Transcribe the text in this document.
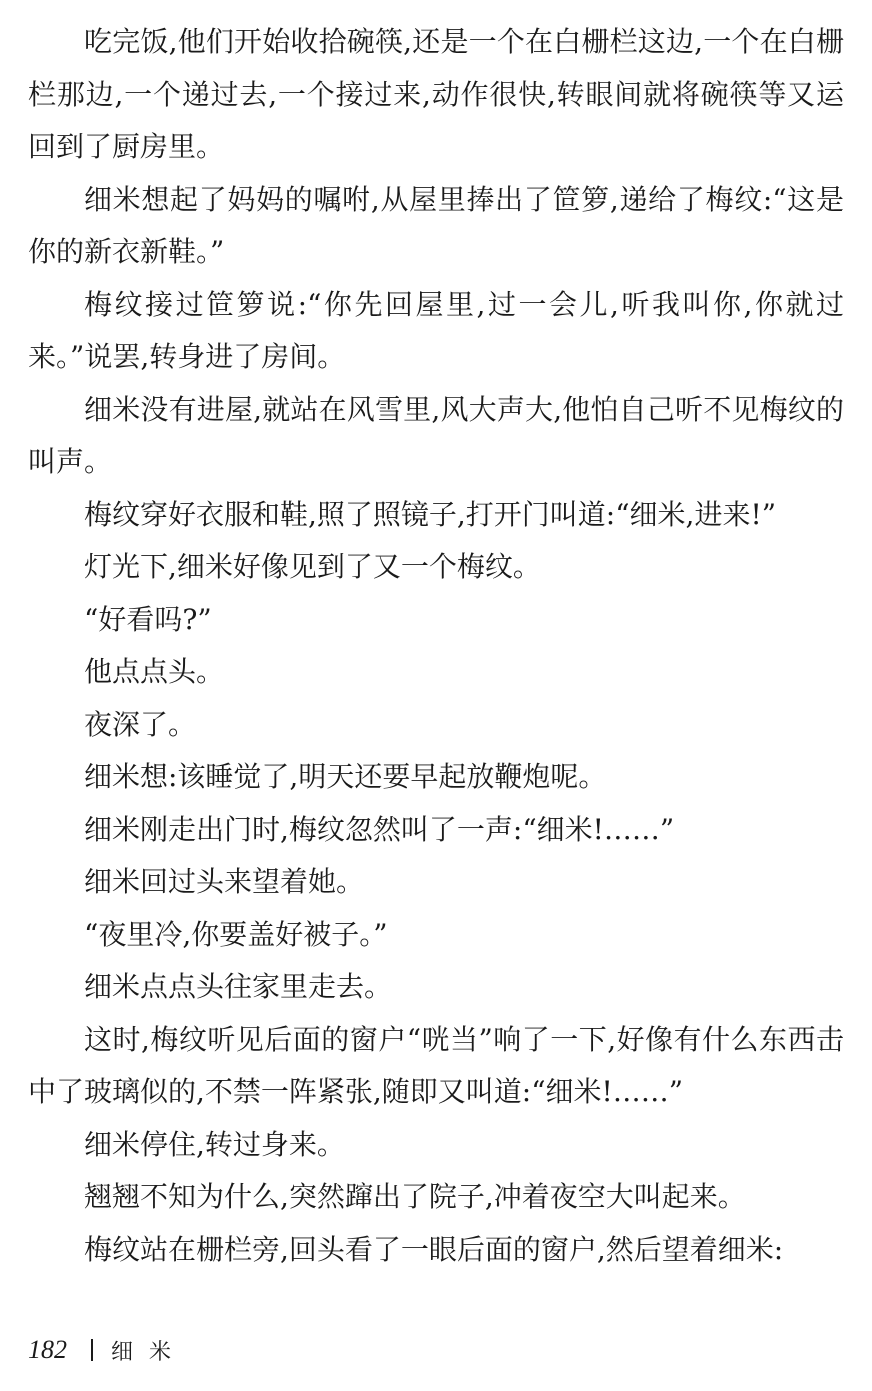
吃完饭,他们开始收拾碗筷,还是一个在白栅栏这边,一个在白栅栏那边,一个递过去,一个接过来,动作很快,转眼间就将碗筷等又运回到了厨房里。

细米想起了妈妈的嘱咐,从屋里捧出了笸箩,递给了梅纹:“这是你的新衣新鞋。”

梅纹接过笸箩说:“你先回屋里,过一会儿,听我叫你,你就过来。”说罢,转身进了房间。

细米没有进屋,就站在风雪里,风大声大,他怕自己听不见梅纹的叫声。

梅纹穿好衣服和鞋,照了照镜子,打开门叫道:“细米,进来!”

灯光下,细米好像见到了又一个梅纹。

“好看吗?”

他点点头。

夜深了。

细米想:该睡觉了,明天还要早起放鞭炮呢。

细米刚走出门时,梅纹忽然叫了一声:“细米!……”

细米回过头来望着她。

“夜里冷,你要盖好被子。”

细米点点头往家里走去。

这时,梅纹听见后面的窗户“咣当”响了一下,好像有什么东西击中了玻璃似的,不禁一阵紧张,随即又叫道:“细米!……”

细米停住,转过身来。

翘翘不知为什么,突然蹿出了院子,冲着夜空大叫起来。

梅纹站在栅栏旁,回头看了一眼后面的窗户,然后望着细米:

182 细米
